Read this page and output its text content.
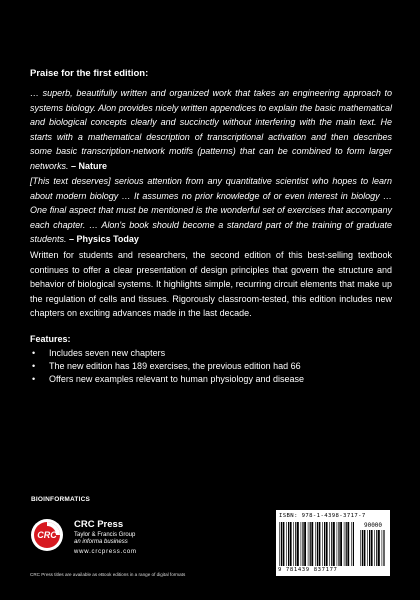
Praise for the first edition:

… superb, beautifully written and organized work that takes an engineering approach to systems biology. Alon provides nicely written appendices to explain the basic mathematical and biological concepts clearly and succinctly without interfering with the main text. He starts with a mathematical description of transcriptional activation and then describes some basic transcription-network motifs (patterns) that can be combined to form larger networks. – Nature

[This text deserves] serious attention from any quantitative scientist who hopes to learn about modern biology … It assumes no prior knowledge of or even interest in biology … One final aspect that must be mentioned is the wonderful set of exercises that accompany each chapter. … Alon's book should become a standard part of the training of graduate students. – Physics Today

Written for students and researchers, the second edition of this best-selling textbook continues to offer a clear presentation of design principles that govern the structure and behavior of biological systems. It highlights simple, recurring circuit elements that make up the regulation of cells and tissues. Rigorously classroom-tested, this edition includes new chapters on exciting advances made in the last decade.

Features:
• Includes seven new chapters
• The new edition has 189 exercises, the previous edition had 66
• Offers new examples relevant to human physiology and disease
BIOINFORMATICS
CRC
CRC Press
Taylor & Francis Group
an informa business
www.crcpress.com
CRC Press titles are available as eBook editions in a range of digital formats
ISBN: 978-1-4398-3717-7
90000
9 781439 837177
